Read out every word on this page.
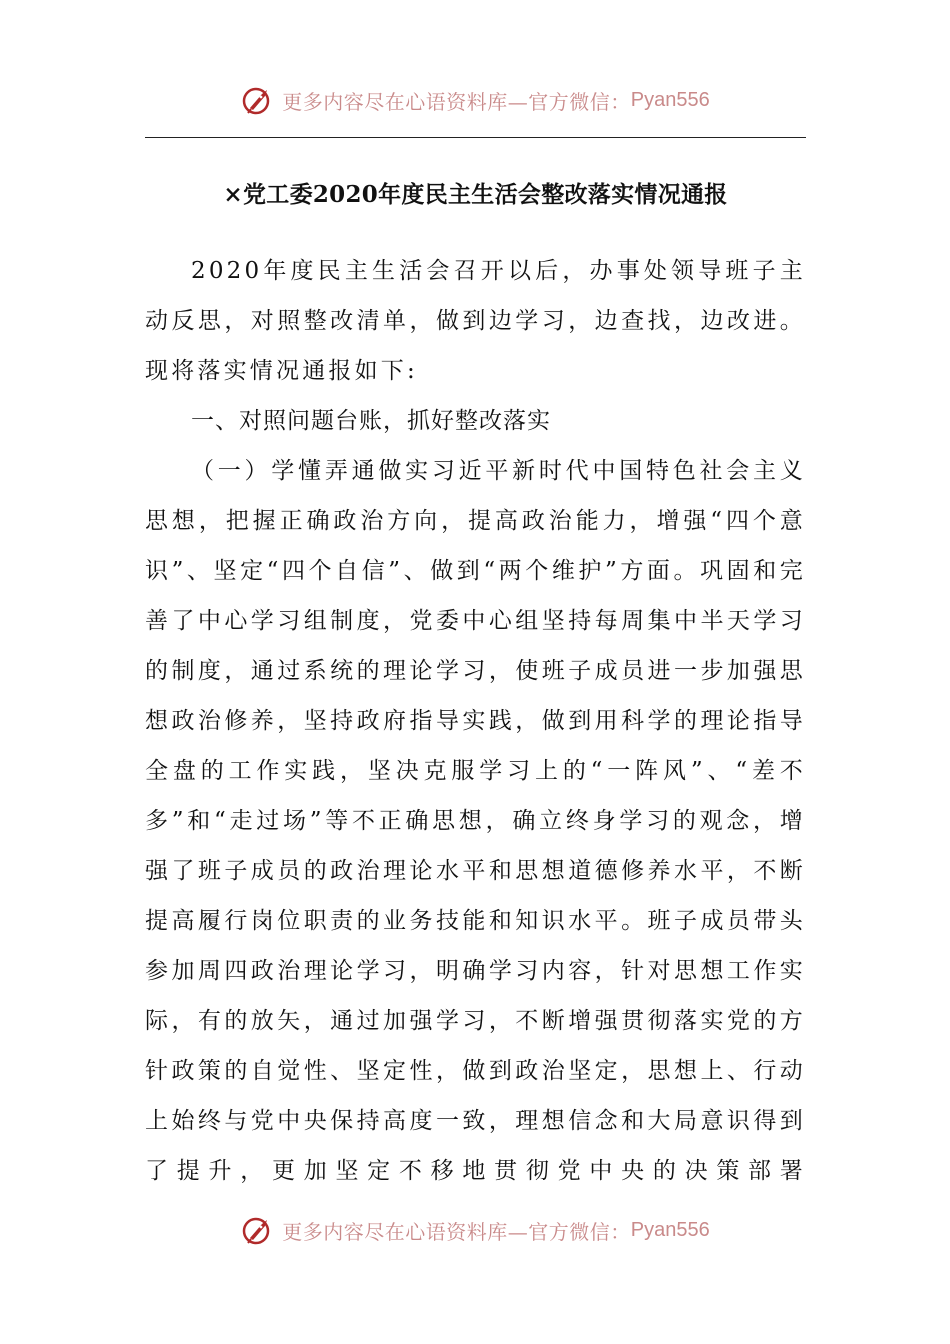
更多内容尽在心语资料库—官方微信： Pyan556
×党工委2020年度民主生活会整改落实情况通报

2020年度民主生活会召开以后，办事处领导班子主动反思，对照整改清单，做到边学习，边查找，边改进。现将落实情况通报如下:

一、对照问题台账，抓好整改落实

（一）学懂弄通做实习近平新时代中国特色社会主义思想，把握正确政治方向，提高政治能力，增强“四个意识”、坚定“四个自信”、做到“两个维护”方面。巩固和完善了中心学习组制度，党委中心组坚持每周集中半天学习的制度，通过系统的理论学习，使班子成员进一步加强思想政治修养，坚持政府指导实践，做到用科学的理论指导全盘的工作实践，坚决克服学习上的“一阵风”、“差不多”和“走过场”等不正确思想，确立终身学习的观念，增强了班子成员的政治理论水平和思想道德修养水平，不断提高履行岗位职责的业务技能和知识水平。班子成员带头参加周四政治理论学习，明确学习内容，针对思想工作实际，有的放矢，通过加强学习，不断增强贯彻落实党的方针政策的自觉性、坚定性，做到政治坚定，思想上、行动上始终与党中央保持高度一致，理想信念和大局意识得到了提升，更加坚定不移地贯彻党中央的决策部署

更多内容尽在心语资料库—官方微信： Pyan556
